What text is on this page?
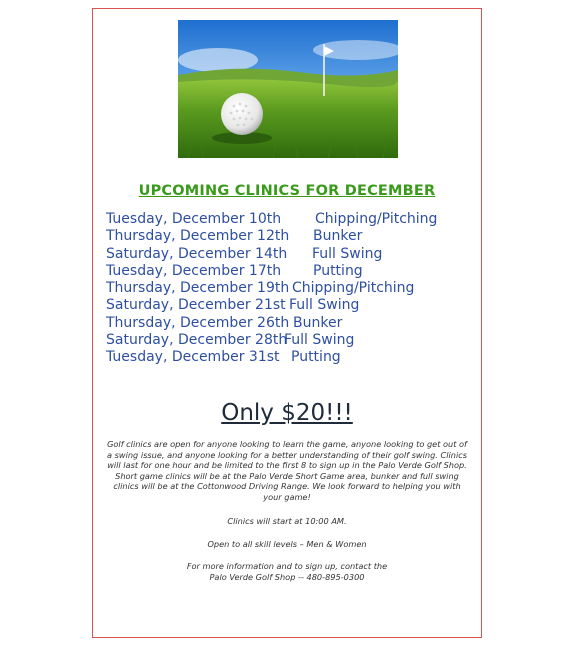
UPCOMING CLINICS FOR DECEMBER
Tuesday, December 10th Chipping/Pitching
Thursday, December 12th Bunker
Saturday, December 14th Full Swing
Tuesday, December 17th Putting
Thursday, December 19th Chipping/Pitching
Saturday, December 21st Full Swing
Thursday, December 26th Bunker
Saturday, December 28th
Full Swing
Tuesday, December 31st Putting
Only $20!!!
Golf clinics are open for anyone looking to learn the game, anyone looking to get out of a swing issue, and anyone looking for a better understanding of their golf swing. Clinics will last for one hour and be limited to the first 8 to sign up in the Palo Verde Golf Shop. Short game clinics will be at the Palo Verde Short Game area, bunker and full swing clinics will be at the Cottonwood Driving Range. We look forward to helping you with your game!
Clinics will start at 10:00 AM.
Open to all skill levels – Men & Women
For more information and to sign up, contact the
Palo Verde Golf Shop -- 480-895-0300
